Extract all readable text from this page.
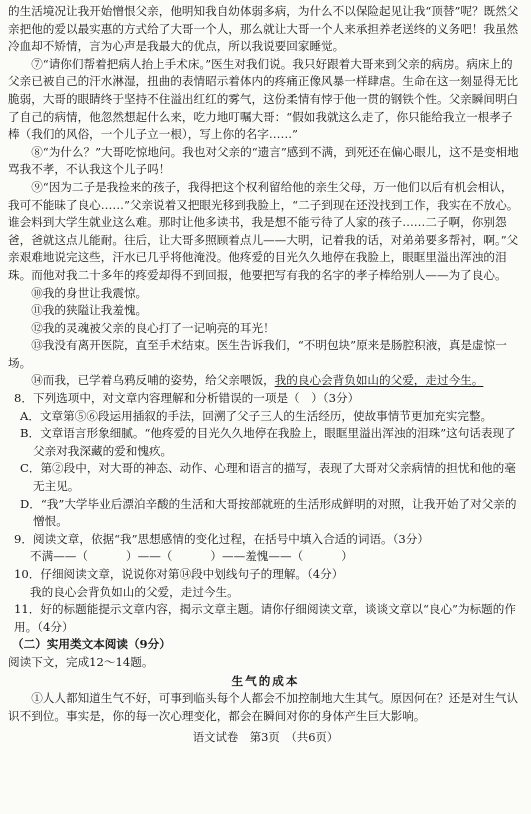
的生活境况让我开始憎恨父亲，他明知我自幼体弱多病，为什么不以保险起见让我“顶替”呢？既然父亲把他的爱以最实惠的方式给了大哥一个人，那么就让大哥一个人来承担养老送终的义务吧！我虽然冷血却不矫情，言为心声是我最大的优点，所以我说要回家睡觉。

⑦“请你们帮着把病人抬上手术床。”医生对我们说。我只好跟着大哥来到父亲的病房。病床上的父亲已被自己的汗水淋湿，扭曲的表情昭示着体内的疼痛正像风暴一样肆虐。生命在这一刻显得无比脆弱，大哥的眼睛终于坚持不住溢出红红的雾气，这份柔情有悖于他一贯的钢铁个性。父亲瞬间明白了自己的病情，他忽然想起什么来，吃力地叮嘱大哥：“假如我就这么走了，你只能给我立一根孝子棒（我们的风俗，一个儿子立一根），写上你的名字……”

⑧“为什么？”大哥吃惊地问。我也对父亲的“遗言”感到不满，到死还在偏心眼儿，这不是变相地骂我不孝，不认我这个儿子吗！

⑨“因为二子是我捡来的孩子，我得把这个权利留给他的亲生父母，万一他们以后有机会相认，我可不能昧了良心……”父亲说着又把眼光移到我脸上，“二子到现在还没找到工作，我实在不放心。谁会料到大学生就业这么难。那时让他多读书，我是想不能亏待了人家的孩子……二子啊，你别怨爸，爸就这点儿能耐。往后，让大哥多照顾着点儿——大明，记着我的话，对弟弟要多帮衬，啊。”父亲艰难地说完这些，汗水已几乎将他淹没。他疼爱的目光久久地停在我脸上，眼眶里溢出浑浊的泪珠。而他对我二十多年的疼爱却得不到回报，他要把写有我的名字的孝子棒给别人——为了良心。

⑩我的身世让我震惊。

⑪我的狭隘让我羞愧。

⑫我的灵魂被父亲的良心打了一记响亮的耳光！

⑬我没有离开医院，直至手术结束。医生告诉我们，“不明包块”原来是肠腔积液，真是虚惊一场。

⑭而我，已学着乌鸦反哺的姿势，给父亲喂饭，我的良心会背负如山的父爱，走过今生。

8．下列选项中，对文章内容理解和分析错误的一项是（　）（3分）

A．文章第⑤⑥段运用插叙的手法，回溯了父子三人的生活经历，使故事情节更加充实完整。

B．文章语言形象细腻。“他疼爱的目光久久地停在我脸上，眼眶里溢出浑浊的泪珠”这句话表现了父亲对我深藏的爱和愧疚。

C．第②段中，对大哥的神态、动作、心理和语言的描写，表现了大哥对父亲病情的担忧和他的毫无主见。

D．“我”大学毕业后漂泊辛酸的生活和大哥按部就班的生活形成鲜明的对照，让我开始了对父亲的憎恨。

9．阅读文章，依据“我”思想感情的变化过程，在括号中填入合适的词语。（3分）

不满——（	）——（	）——羞愧——（	）

10．仔细阅读文章，说说你对第⑭段中划线句子的理解。（4分）

我的良心会背负如山的父爱，走过今生。

11．好的标题能提示文章内容，揭示文章主题。请你仔细阅读文章，谈谈文章以“良心”为标题的作用。（4分）

（二）实用类文本阅读（9分）

阅读下文，完成12～14题。

生气的成本

①人人都知道生气不好，可事到临头每个人都会不加控制地大生其气。原因何在？还是对生气认识不到位。事实是，你的每一次心理变化，都会在瞬间对你的身体产生巨大影响。

语文试卷　第3页　（共6页）
